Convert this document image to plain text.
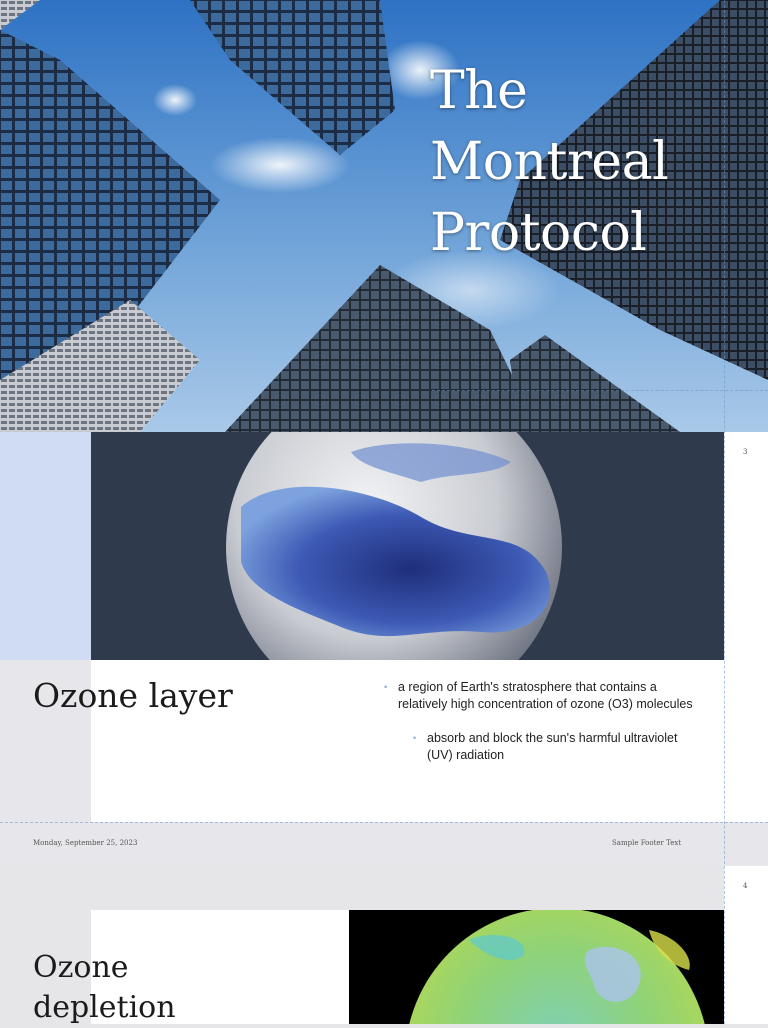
The
Montreal
Protocol
3
Ozone layer
•	a region of Earth's stratosphere that contains a relatively high concentration of ozone (O3) molecules
• absorb and block the sun's harmful ultraviolet (UV) radiation
Monday, September 25, 2023	Sample Footer Text
4
Ozone
depletion
